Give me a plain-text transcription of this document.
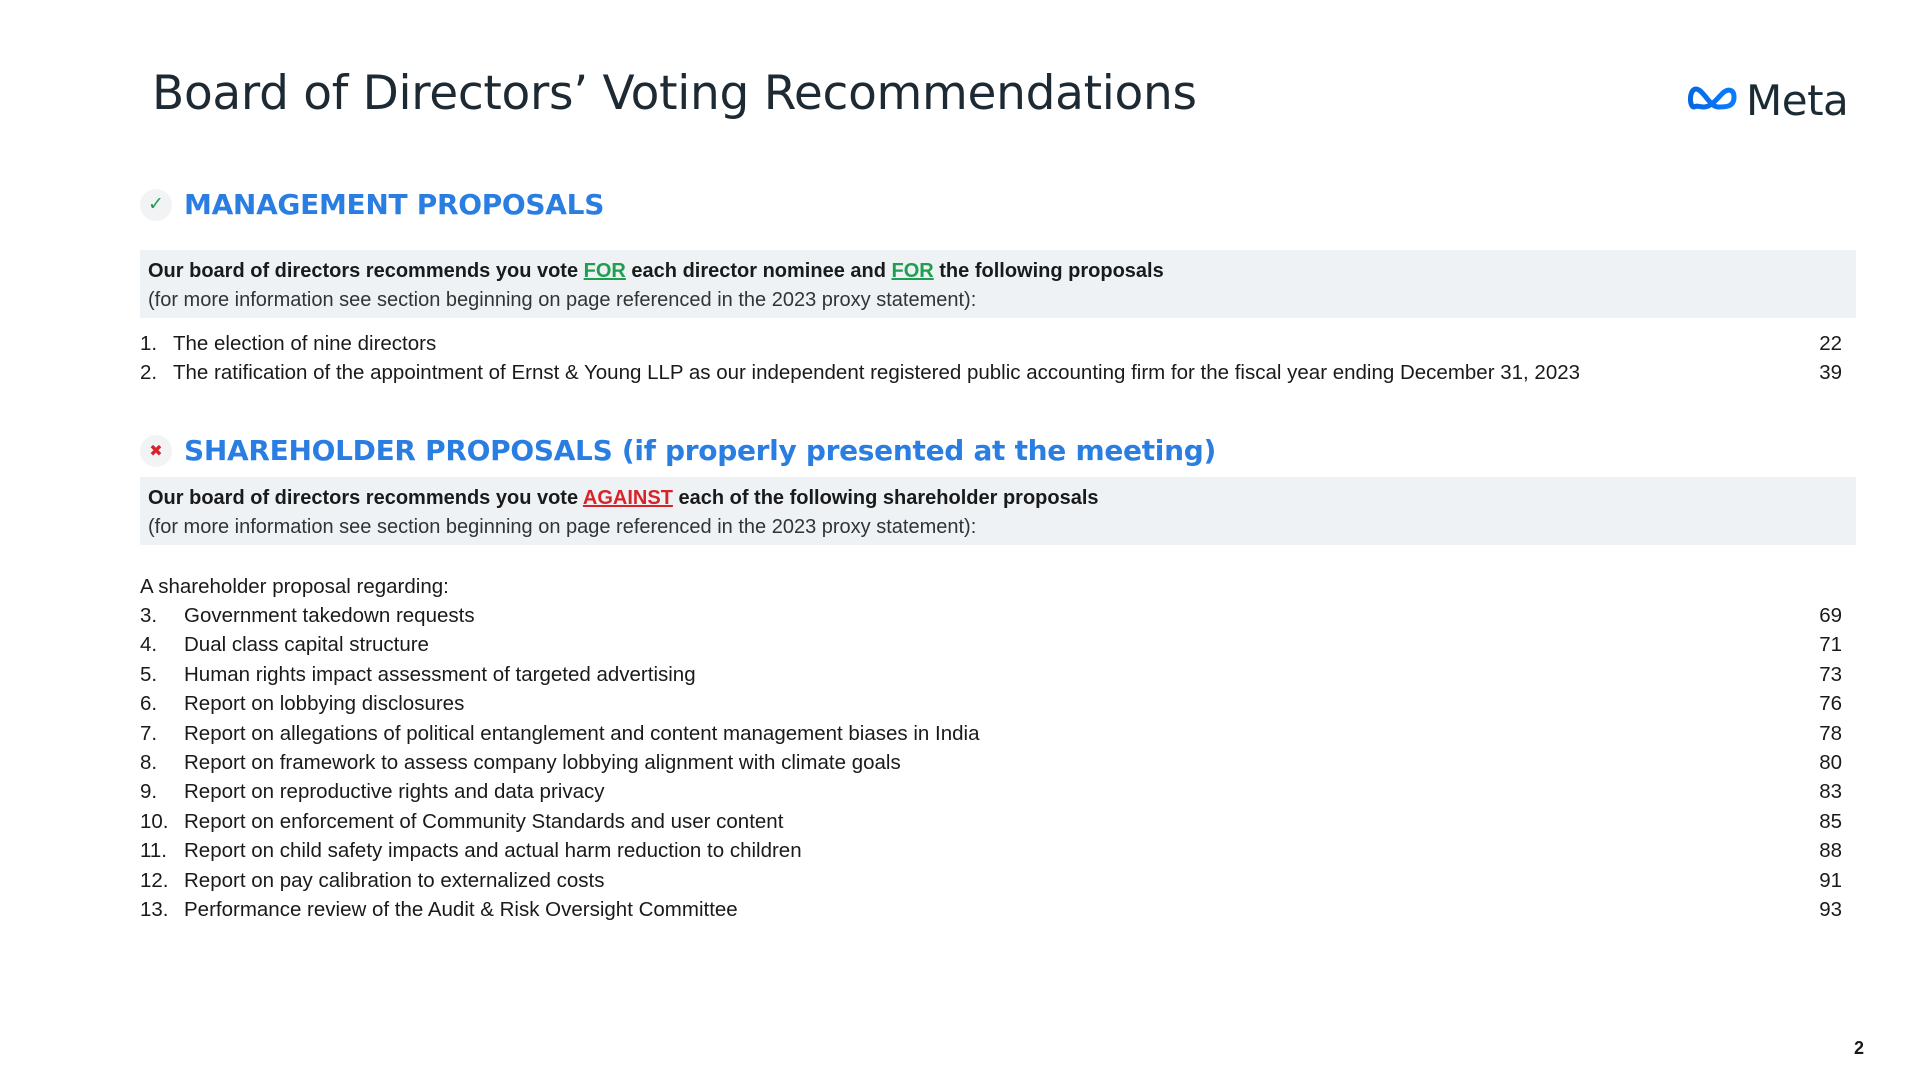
Board of Directors’ Voting Recommendations	Meta
✓ MANAGEMENT PROPOSALS
Our board of directors recommends you vote FOR each director nominee and FOR the following proposals
(for more information see section beginning on page referenced in the 2023 proxy statement):
1. The election of nine directors	22
2. The ratification of the appointment of Ernst & Young LLP as our independent registered public accounting firm for the fiscal year ending December 31, 2023	39
✖ SHAREHOLDER PROPOSALS (if properly presented at the meeting)
Our board of directors recommends you vote AGAINST each of the following shareholder proposals
(for more information see section beginning on page referenced in the 2023 proxy statement):
A shareholder proposal regarding:
3. Government takedown requests	69
4. Dual class capital structure	71
5. Human rights impact assessment of targeted advertising	73
6. Report on lobbying disclosures	76
7. Report on allegations of political entanglement and content management biases in India	78
8. Report on framework to assess company lobbying alignment with climate goals	80
9. Report on reproductive rights and data privacy	83
10. Report on enforcement of Community Standards and user content	85
11. Report on child safety impacts and actual harm reduction to children	88
12. Report on pay calibration to externalized costs	91
13. Performance review of the Audit & Risk Oversight Committee	93
2
